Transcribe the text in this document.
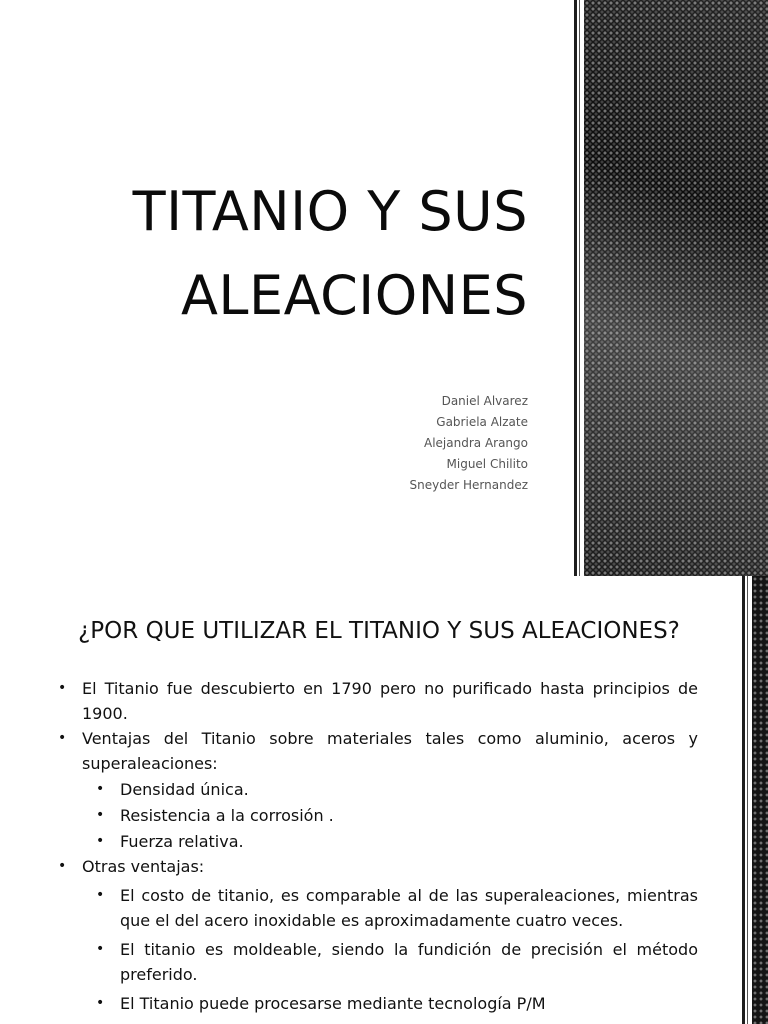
TITANIO Y SUS
ALEACIONES
Daniel Alvarez
Gabriela Alzate
Alejandra Arango
Miguel Chilito
Sneyder Hernandez
¿POR QUE UTILIZAR EL TITANIO Y SUS ALEACIONES?
• El Titanio fue descubierto en 1790 pero no purificado hasta principios de 1900.
• Ventajas del Titanio sobre materiales tales como aluminio, aceros y superaleaciones:
• Densidad única.
• Resistencia a la corrosión .
• Fuerza relativa.
• Otras ventajas:
• El costo de titanio, es comparable al de las superaleaciones, mientras que el del acero inoxidable es aproximadamente cuatro veces.
• El titanio es moldeable, siendo la fundición de precisión el método preferido.
• El Titanio puede procesarse mediante tecnología P/M
